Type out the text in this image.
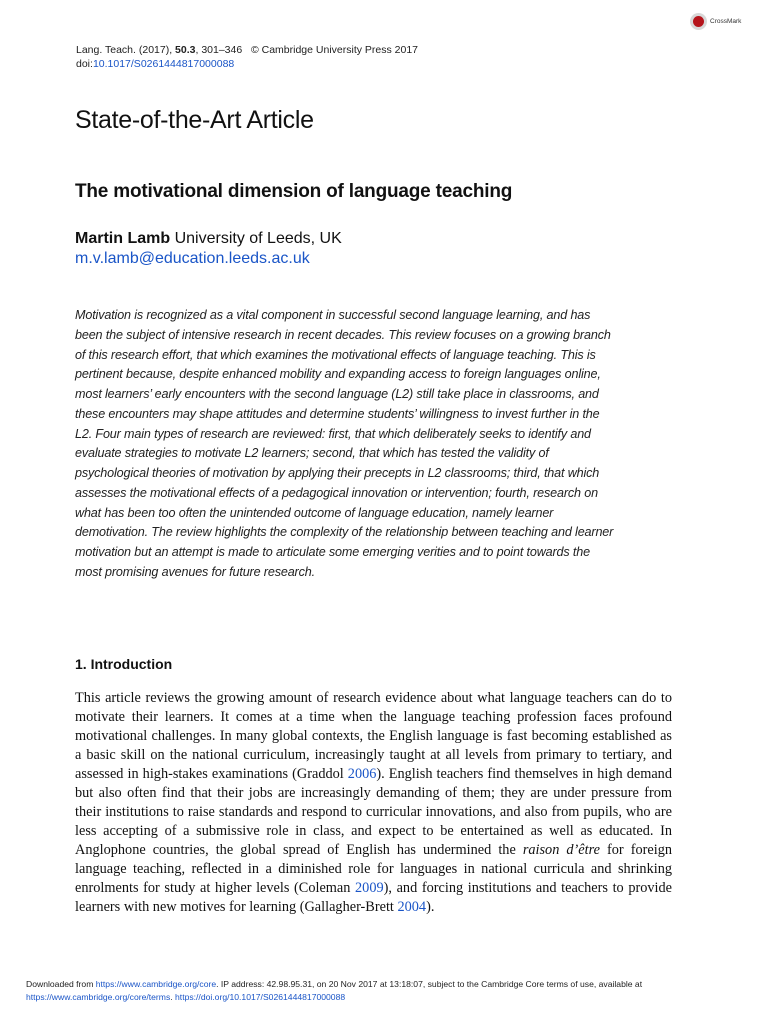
Lang. Teach. (2017), 50.3, 301–346 © Cambridge University Press 2017
doi:10.1017/S0261444817000088
CrossMark
State-of-the-Art Article
The motivational dimension of language teaching
Martin Lamb University of Leeds, UK
m.v.lamb@education.leeds.ac.uk
Motivation is recognized as a vital component in successful second language learning, and has been the subject of intensive research in recent decades. This review focuses on a growing branch of this research effort, that which examines the motivational effects of language teaching. This is pertinent because, despite enhanced mobility and expanding access to foreign languages online, most learners’ early encounters with the second language (L2) still take place in classrooms, and these encounters may shape attitudes and determine students’ willingness to invest further in the L2. Four main types of research are reviewed: first, that which deliberately seeks to identify and evaluate strategies to motivate L2 learners; second, that which has tested the validity of psychological theories of motivation by applying their precepts in L2 classrooms; third, that which assesses the motivational effects of a pedagogical innovation or intervention; fourth, research on what has been too often the unintended outcome of language education, namely learner demotivation. The review highlights the complexity of the relationship between teaching and learner motivation but an attempt is made to articulate some emerging verities and to point towards the most promising avenues for future research.
1. Introduction
This article reviews the growing amount of research evidence about what language teachers can do to motivate their learners. It comes at a time when the language teaching profession faces profound motivational challenges. In many global contexts, the English language is fast becoming established as a basic skill on the national curriculum, increasingly taught at all levels from primary to tertiary, and assessed in high-stakes examinations (Graddol 2006). English teachers find themselves in high demand but also often find that their jobs are increasingly demanding of them; they are under pressure from their institutions to raise standards and respond to curricular innovations, and also from pupils, who are less accepting of a submissive role in class, and expect to be entertained as well as educated. In Anglophone countries, the global spread of English has undermined the raison d’être for foreign language teaching, reflected in a diminished role for languages in national curricula and shrinking enrolments for study at higher levels (Coleman 2009), and forcing institutions and teachers to provide learners with new motives for learning (Gallagher-Brett 2004).
Downloaded from https://www.cambridge.org/core. IP address: 42.98.95.31, on 20 Nov 2017 at 13:18:07, subject to the Cambridge Core terms of use, available at
https://www.cambridge.org/core/terms. https://doi.org/10.1017/S0261444817000088
